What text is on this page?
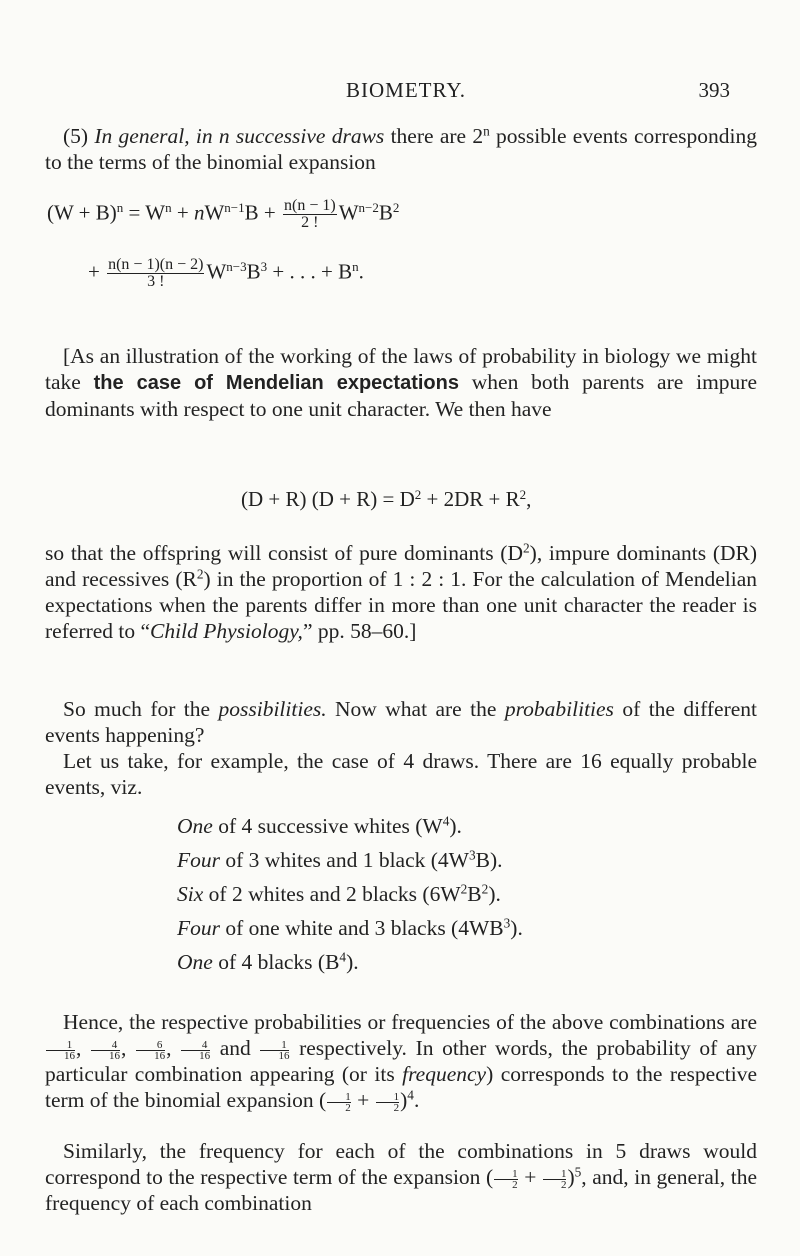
BIOMETRY.	393
(5) In general, in n successive draws there are 2$^n$ possible events corresponding to the terms of the binomial expansion
$(W + B)^n = W^n + nW^{n-1}B + \frac{n(n - 1)}{2 !} W^{n-2}B^2$
+ $\frac{n(n - 1)(n - 2)}{3 !} W^{n-3}B^3$ + . . . + $B^n$.
[As an illustration of the working of the laws of probability in biology we might take the case of Mendelian expectations when both parents are impure dominants with respect to one unit character. We then have
(D + R) $(D + R) = D^2 + 2DR + R^2$,
so that the offspring will consist of pure dominants $(D^2)$, impure dominants (DR) and recessives $(R^2)$ in the proportion of 1 : 2 : 1. For the calculation of Mendelian expectations when the parents differ in more than one unit character the reader is referred to “Child Physiology,” pp. 58–60.]
So much for the possibilities. Now what are the probabilities of the different events happening?
Let us take, for example, the case of 4 draws. There are 16 equally probable events, viz.
One of 4 successive whites $(W^4)$.
Four of 3 whites and 1 black $(4W^3B)$.
Six of 2 whites and 2 blacks $(6W^2B^2)$.
Four of one white and 3 blacks $(4WB^3)$.
One of 4 blacks $(B^4)$.
Hence, the respective probabilities or frequencies of the above combinations are
$\frac{1}{16}$ , $\frac{4}{16}$ , $\frac{6}{16}$ , $\frac{4}{16}$ and $\frac{1}{16}$ respectively. In other words, the probability of any particular combination appearing (or its frequency) corresponds to the respective term of the binomial expansion ( $\frac{1}{2} + \frac{1}{2} )^4$.
Similarly, the frequency for each of the combinations in 5 draws would correspond to the respective term of the expansion ( $\frac{1}{2} + \frac{1}{2} )^5$, and, in general, the frequency of each combination
